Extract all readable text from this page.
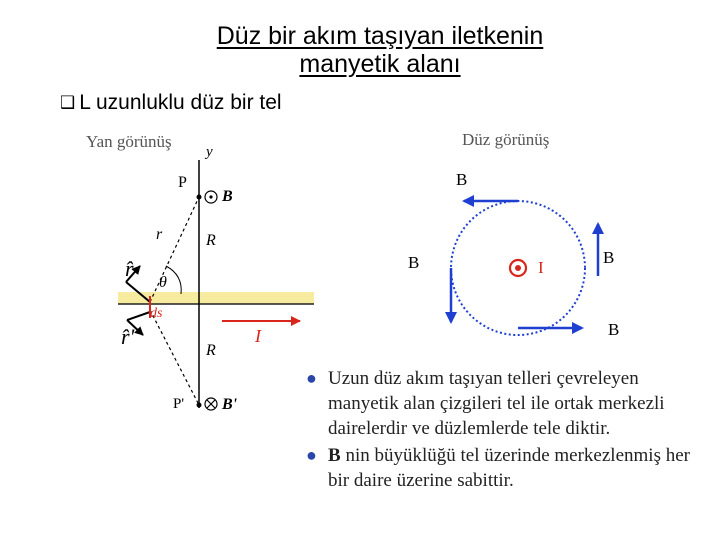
Düz bir akım taşıyan iletkenin
manyetik alanı
❑ L uzunluklu düz bir tel
Yan görünüş
y
P
B
r	R
r̂
θ
ds
I
r̂'
R
P' B'
Düz görünüş
B
B	I
B
B
● Uzun düz akım taşıyan telleri çevreleyen manyetik alan çizgileri tel ile ortak merkezli dairelerdir ve düzlemlerde tele diktir.
● B nin büyüklüğü tel üzerinde merkezlenmiş her bir daire üzerine sabittir.
